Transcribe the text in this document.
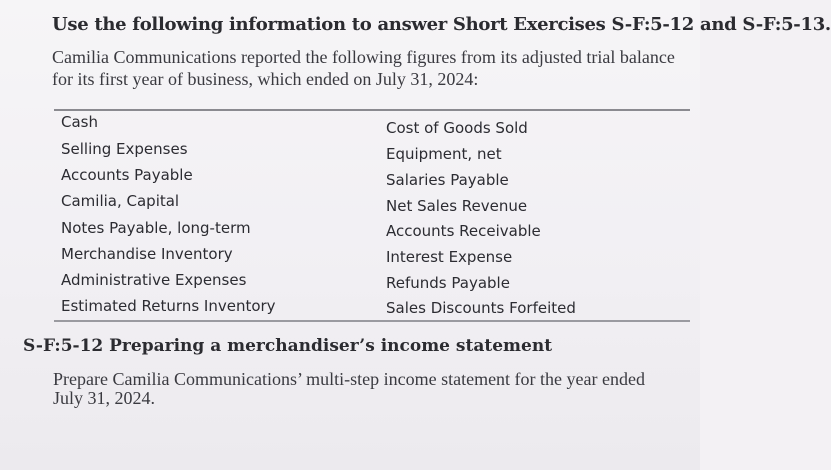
Use the following information to answer Short Exercises S-F:5-12 and S-F:5-13.
Camilia Communications reported the following figures from its adjusted trial balance
for its first year of business, which ended on July 31, 2024:
Cash	Cost of Goods Sold
Selling Expenses	Equipment, net
Accounts Payable	Salaries Payable
Camilia, Capital	Net Sales Revenue
Notes Payable, long-term	Accounts Receivable
Merchandise Inventory	Interest Expense
Administrative Expenses	Refunds Payable
Estimated Returns Inventory	Sales Discounts Forfeited
S-F:5-12 Preparing a merchandiser’s income statement
Prepare Camilia Communications’ multi-step income statement for the year ended
July 31, 2024.
